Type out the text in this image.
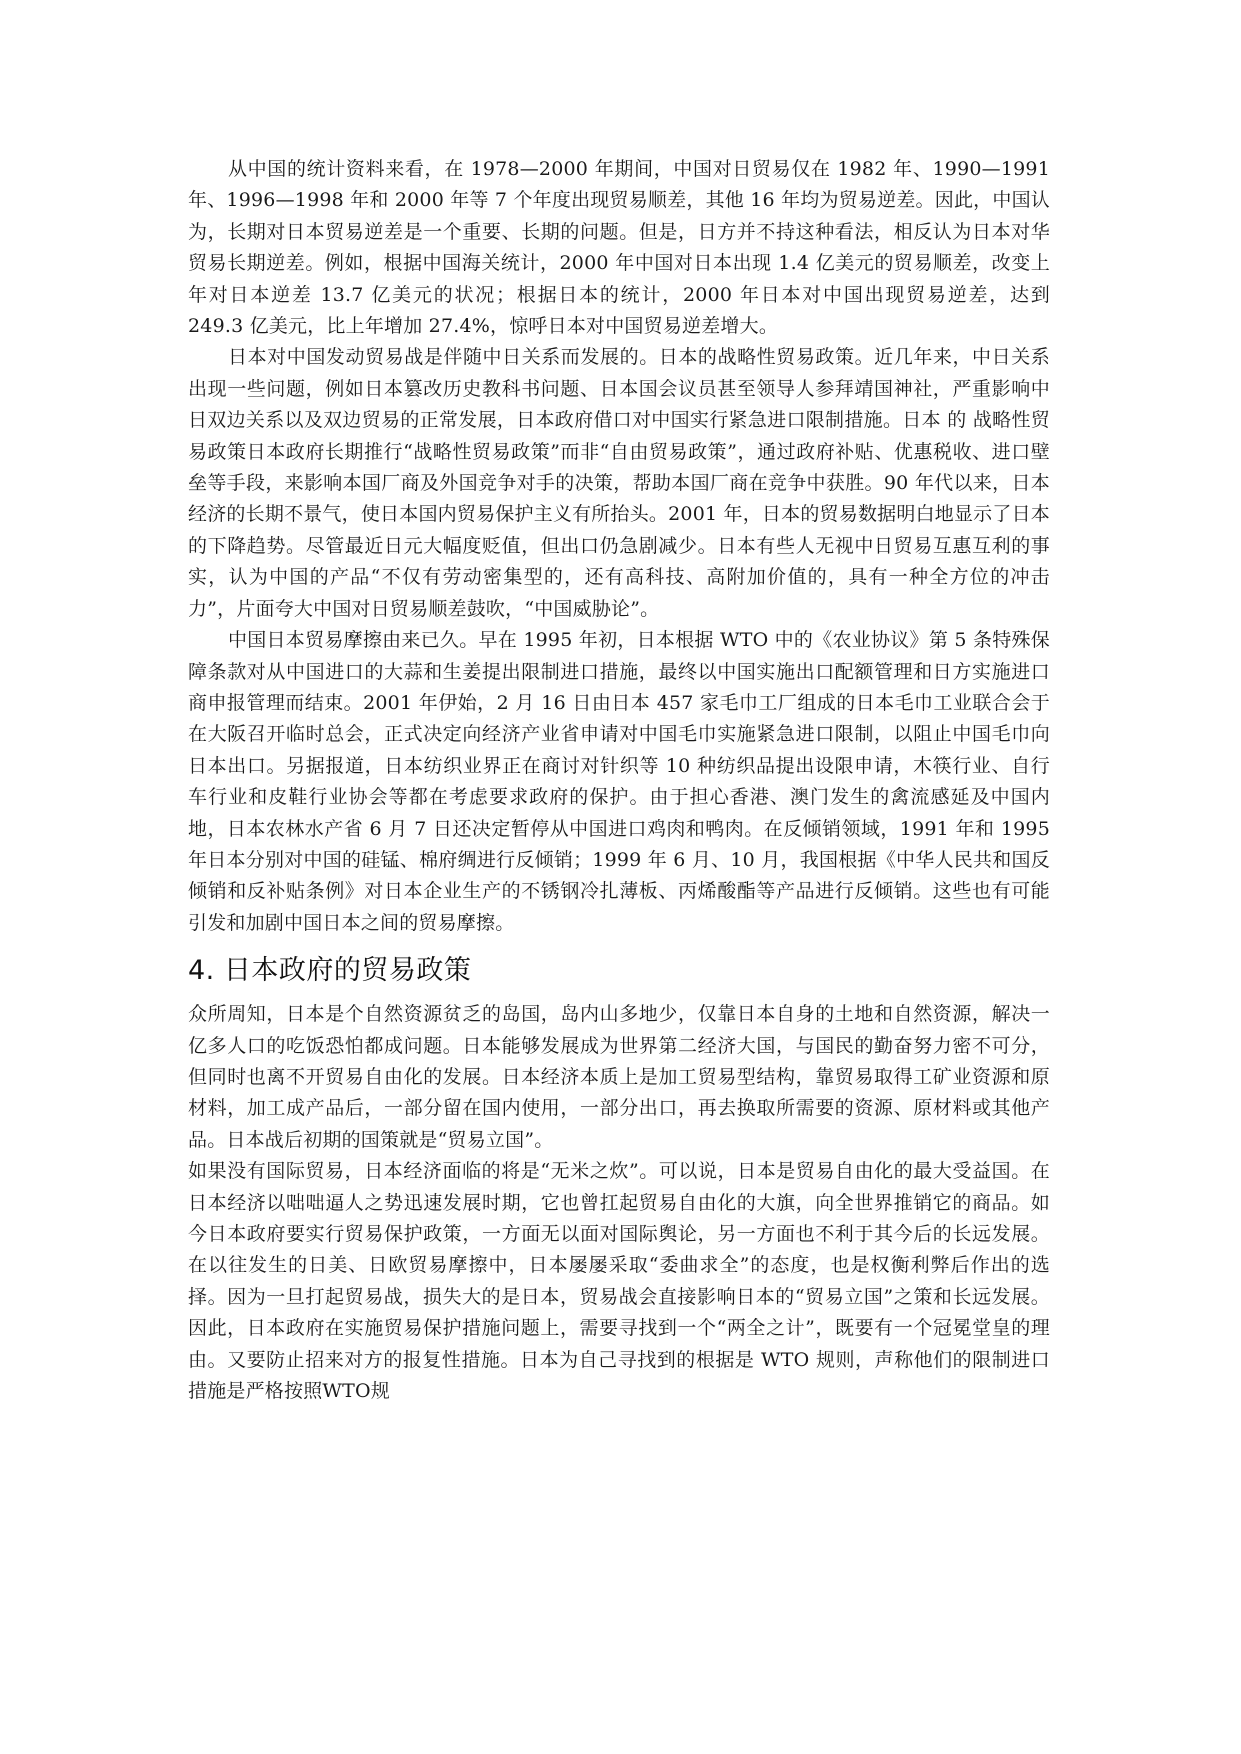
从中国的统计资料来看，在 1978—2000 年期间，中国对日贸易仅在 1982 年、1990—1991 年、1996—1998 年和 2000 年等 7 个年度出现贸易顺差，其他 16 年均为贸易逆差。因此，中国认为，长期对日本贸易逆差是一个重要、长期的问题。但是，日方并不持这种看法，相反认为日本对华贸易长期逆差。例如，根据中国海关统计，2000 年中国对日本出现 1.4 亿美元的贸易顺差，改变上年对日本逆差 13.7 亿美元的状况；根据日本的统计，2000 年日本对中国出现贸易逆差，达到 249.3 亿美元，比上年增加 27.4%，惊呼日本对中国贸易逆差增大。

日本对中国发动贸易战是伴随中日关系而发展的。日本的战略性贸易政策。近几年来，中日关系出现一些问题，例如日本篡改历史教科书问题、日本国会议员甚至领导人参拜靖国神社，严重影响中日双边关系以及双边贸易的正常发展，日本政府借口对中国实行紧急进口限制措施。日本 的 战略性贸易政策日本政府长期推行“战略性贸易政策”而非“自由贸易政策”，通过政府补贴、优惠税收、进口壁垒等手段，来影响本国厂商及外国竞争对手的决策，帮助本国厂商在竞争中获胜。90 年代以来，日本经济的长期不景气，使日本国内贸易保护主义有所抬头。2001 年，日本的贸易数据明白地显示了日本的下降趋势。尽管最近日元大幅度贬值，但出口仍急剧减少。日本有些人无视中日贸易互惠互利的事实，认为中国的产品“不仅有劳动密集型的，还有高科技、高附加价值的，具有一种全方位的冲击力”，片面夸大中国对日贸易顺差鼓吹，“中国威胁论”。

中国日本贸易摩擦由来已久。早在 1995 年初，日本根据 WTO 中的《农业协议》第 5 条特殊保障条款对从中国进口的大蒜和生姜提出限制进口措施，最终以中国实施出口配额管理和日方实施进口商申报管理而结束。2001 年伊始，2 月 16 日由日本 457 家毛巾工厂组成的日本毛巾工业联合会于在大阪召开临时总会，正式决定向经济产业省申请对中国毛巾实施紧急进口限制，以阻止中国毛巾向日本出口。另据报道，日本纺织业界正在商讨对针织等 10 种纺织品提出设限申请，木筷行业、自行车行业和皮鞋行业协会等都在考虑要求政府的保护。由于担心香港、澳门发生的禽流感延及中国内地，日本农林水产省 6 月 7 日还决定暂停从中国进口鸡肉和鸭肉。在反倾销领域，1991 年和 1995 年日本分别对中国的硅锰、棉府绸进行反倾销；1999 年 6 月、10 月，我国根据《中华人民共和国反倾销和反补贴条例》对日本企业生产的不锈钢冷扎薄板、丙烯酸酯等产品进行反倾销。这些也有可能引发和加剧中国日本之间的贸易摩擦。

4. 日本政府的贸易政策

众所周知，日本是个自然资源贫乏的岛国，岛内山多地少，仅靠日本自身的土地和自然资源，解决一亿多人口的吃饭恐怕都成问题。日本能够发展成为世界第二经济大国，与国民的勤奋努力密不可分，但同时也离不开贸易自由化的发展。日本经济本质上是加工贸易型结构，靠贸易取得工矿业资源和原材料，加工成产品后，一部分留在国内使用，一部分出口，再去换取所需要的资源、原材料或其他产品。日本战后初期的国策就是“贸易立国”。

如果没有国际贸易，日本经济面临的将是“无米之炊”。可以说，日本是贸易自由化的最大受益国。在日本经济以咄咄逼人之势迅速发展时期，它也曾扛起贸易自由化的大旗，向全世界推销它的商品。如今日本政府要实行贸易保护政策，一方面无以面对国际舆论，另一方面也不利于其今后的长远发展。在以往发生的日美、日欧贸易摩擦中，日本屡屡采取“委曲求全”的态度，也是权衡利弊后作出的选择。因为一旦打起贸易战，损失大的是日本，贸易战会直接影响日本的“贸易立国”之策和长远发展。因此，日本政府在实施贸易保护措施问题上，需要寻找到一个“两全之计”，既要有一个冠冕堂皇的理由。又要防止招来对方的报复性措施。日本为自己寻找到的根据是 WTO 规则，声称他们的限制进口措施是严格按照WTO规
